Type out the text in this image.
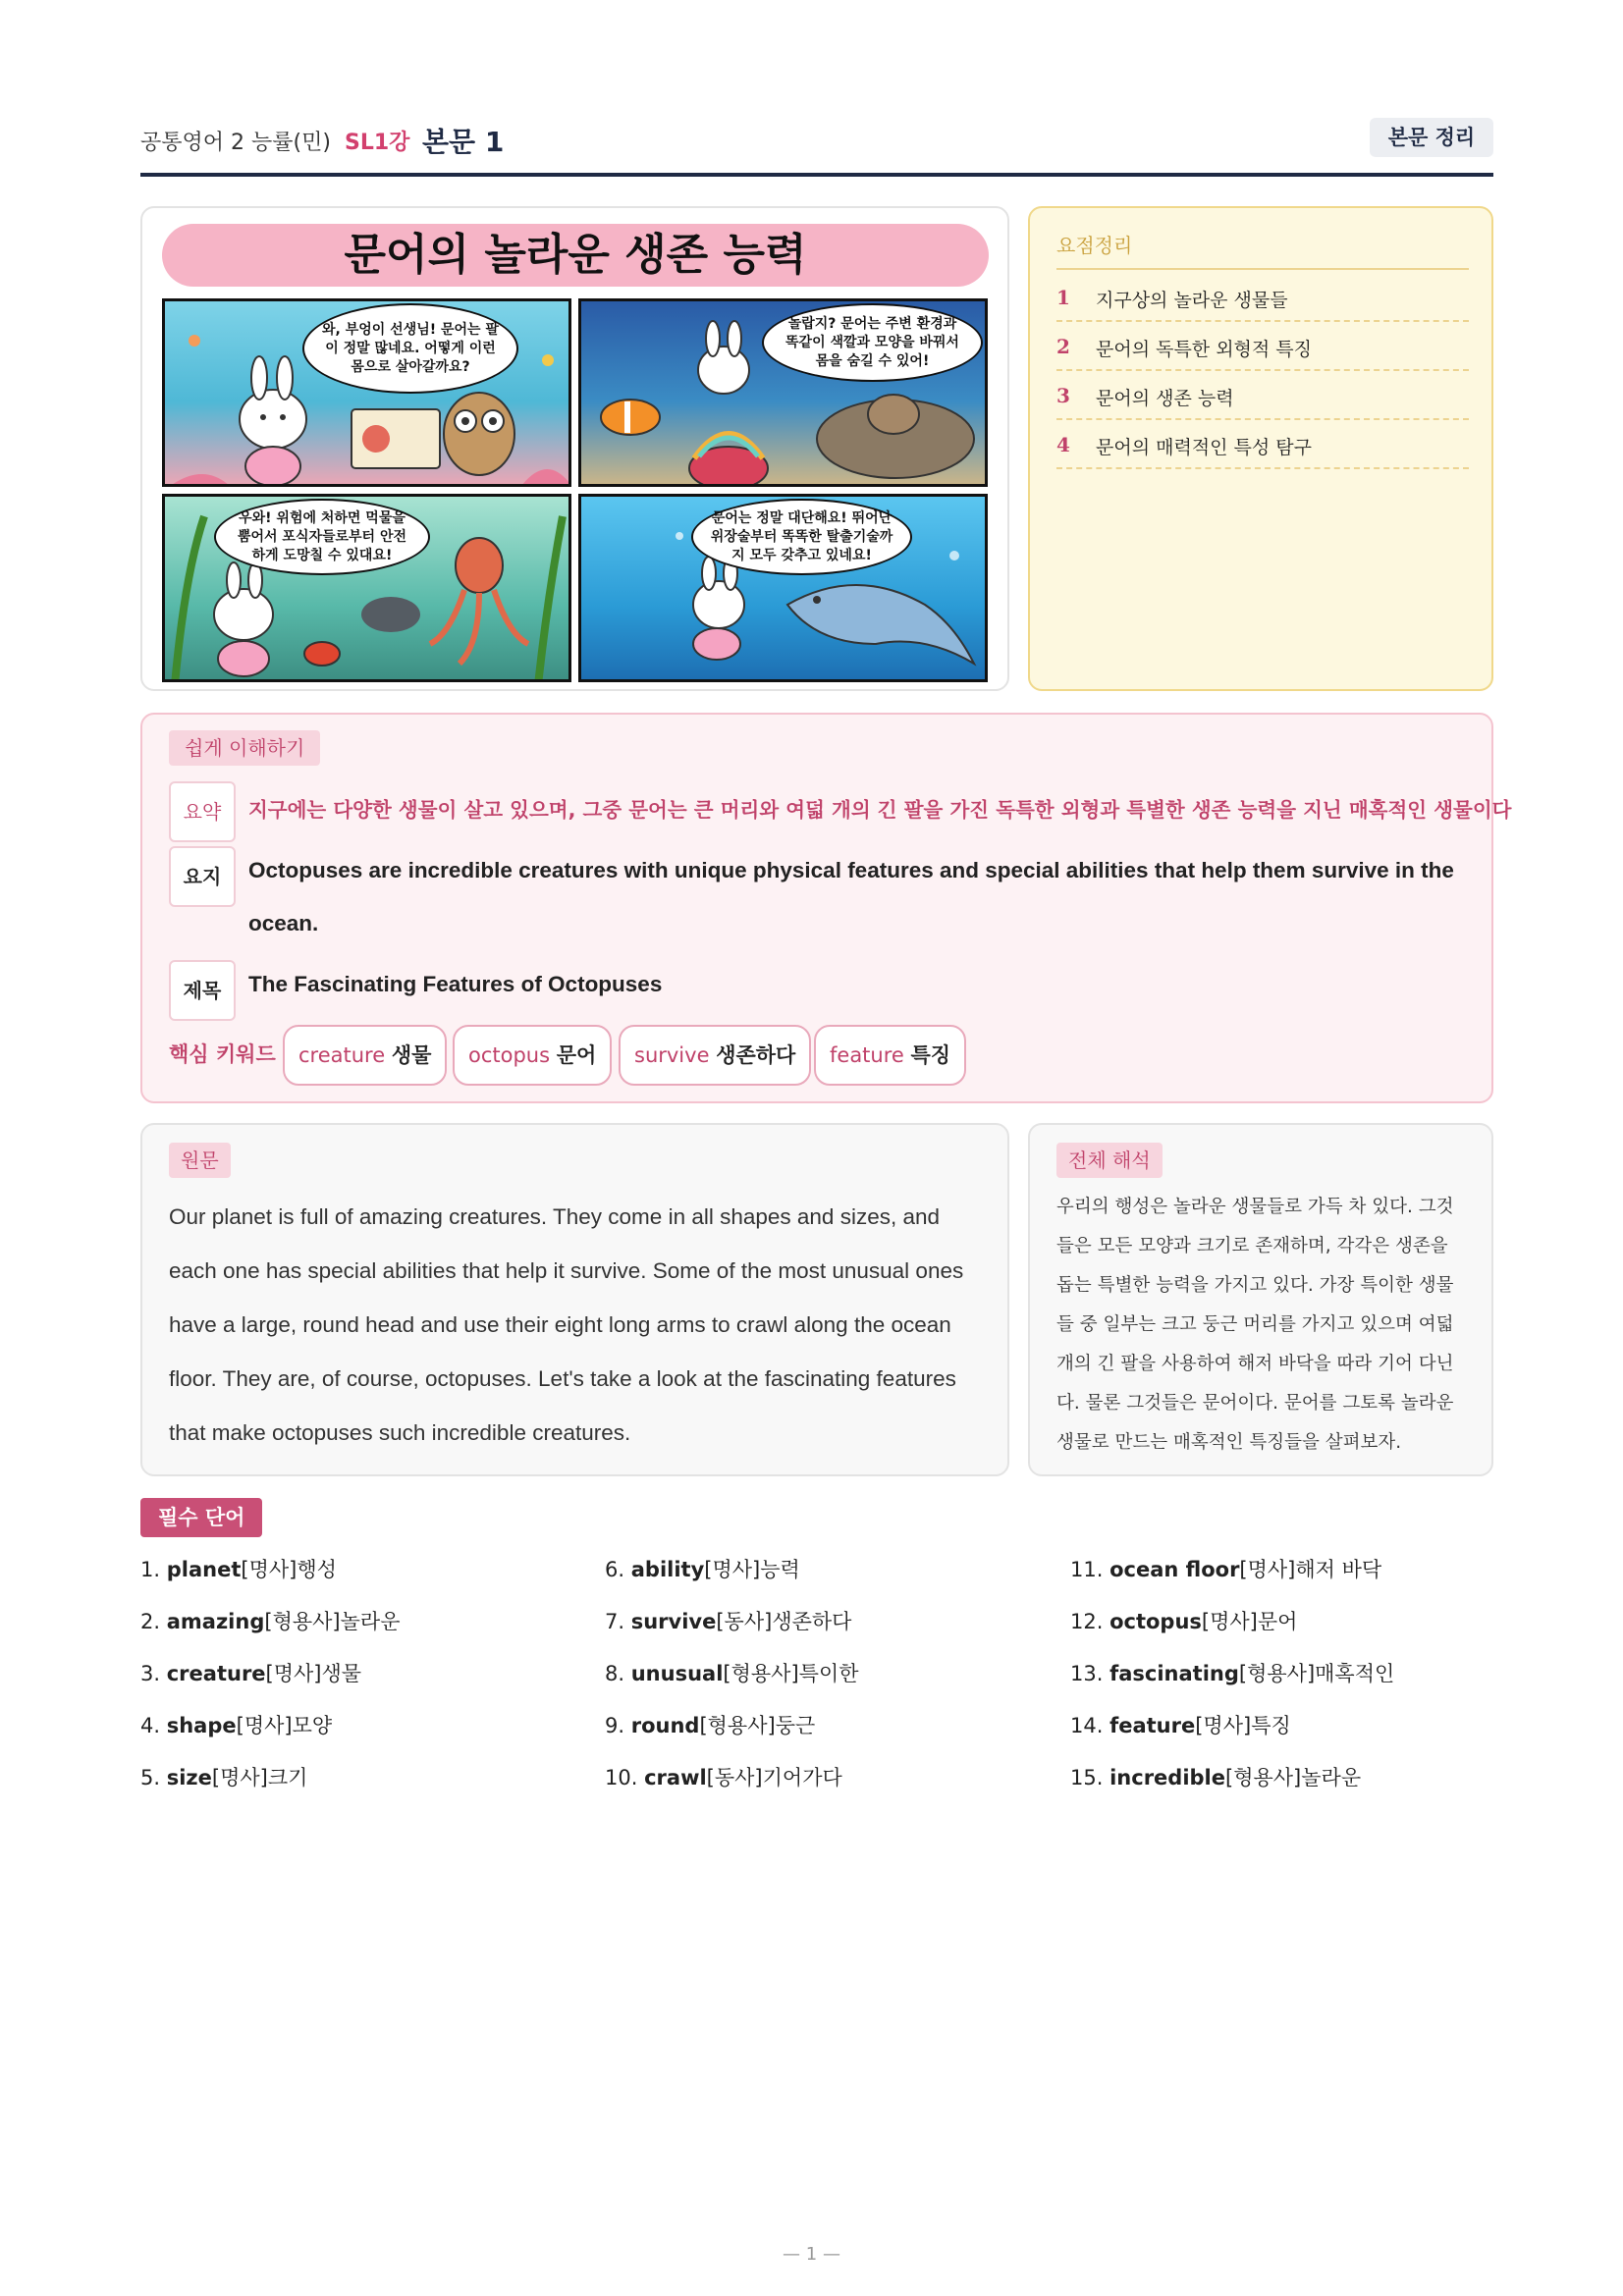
공통영어 2 능률(민) SL1강 본문 1	본문 정리
문어의 놀라운 생존 능력
와, 부엉이 선생님! 문어는 팔이 정말 많네요. 어떻게 이런 몸으로 살아갈까요?
놀랍지? 문어는 주변 환경과 똑같이 색깔과 모양을 바꿔서 몸을 숨길 수 있어!
우와! 위험에 처하면 먹물을 뿜어서 포식자들로부터 안전하게 도망칠 수 있대요!
문어는 정말 대단해요! 뛰어난 위장술부터 똑똑한 탈출기술까지 모두 갖추고 있네요!
요점정리
1 지구상의 놀라운 생물들
2 문어의 독특한 외형적 특징
3 문어의 생존 능력
4 문어의 매력적인 특성 탐구
쉽게 이해하기
요약	지구에는 다양한 생물이 살고 있으며, 그중 문어는 큰 머리와 여덟 개의 긴 팔을 가진 독특한 외형과 특별한 생존 능력을 지닌 매혹적인 생물이다
요지	Octopuses are incredible creatures with unique physical features and special abilities that help them survive in the
ocean.
제목	The Fascinating Features of Octopuses
핵심 키워드	creature 생물	octopus 문어	survive 생존하다	feature 특징
원문
Our planet is full of amazing creatures. They come in all shapes and sizes, and each one has special abilities that help it survive. Some of the most unusual ones have a large, round head and use their eight long arms to crawl along the ocean floor. They are, of course, octopuses. Let's take a look at the fascinating features that make octopuses such incredible creatures.
전체 해석
우리의 행성은 놀라운 생물들로 가득 차 있다. 그것들은 모든 모양과 크기로 존재하며, 각각은 생존을 돕는 특별한 능력을 가지고 있다. 가장 특이한 생물들 중 일부는 크고 둥근 머리를 가지고 있으며 여덟 개의 긴 팔을 사용하여 해저 바닥을 따라 기어 다닌다. 물론 그것들은 문어이다. 문어를 그토록 놀라운 생물로 만드는 매혹적인 특징들을 살펴보자.
필수 단어
1. planet[명사]행성
2. amazing[형용사]놀라운
3. creature[명사]생물
4. shape[명사]모양
5. size[명사]크기
6. ability[명사]능력
7. survive[동사]생존하다
8. unusual[형용사]특이한
9. round[형용사]둥근
10. crawl[동사]기어가다
11. ocean floor[명사]해저 바닥
12. octopus[명사]문어
13. fascinating[형용사]매혹적인
14. feature[명사]특징
15. incredible[형용사]놀라운
— 1 —
